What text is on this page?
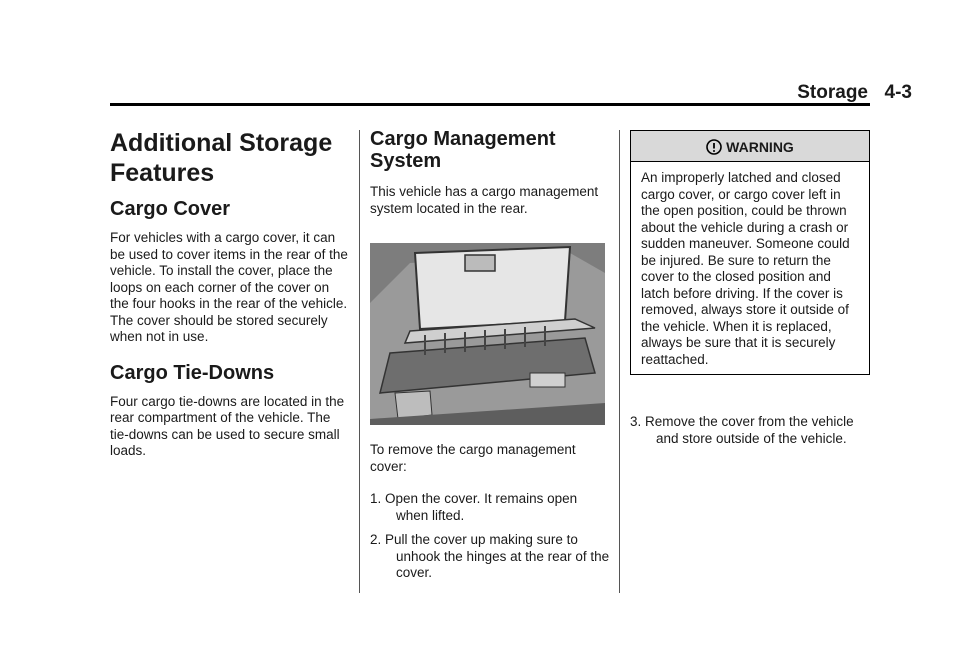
Storage 4-3
Additional Storage Features
Cargo Cover

For vehicles with a cargo cover, it can be used to cover items in the rear of the vehicle. To install the cover, place the loops on each corner of the cover on the four hooks in the rear of the vehicle. The cover should be stored securely when not in use.

Cargo Tie-Downs

Four cargo tie-downs are located in the rear compartment of the vehicle. The tie-downs can be used to secure small loads.

Cargo Management System

This vehicle has a cargo management system located in the rear.

To remove the cargo management cover:

1. Open the cover. It remains open when lifted.

2. Pull the cover up making sure to unhook the hinges at the rear of the cover.

WARNING
An improperly latched and closed cargo cover, or cargo cover left in the open position, could be thrown about the vehicle during a crash or sudden maneuver. Someone could be injured. Be sure to return the cover to the closed position and latch before driving. If the cover is removed, always store it outside of the vehicle. When it is replaced, always be sure that it is securely reattached.

3. Remove the cover from the vehicle and store outside of the vehicle.
